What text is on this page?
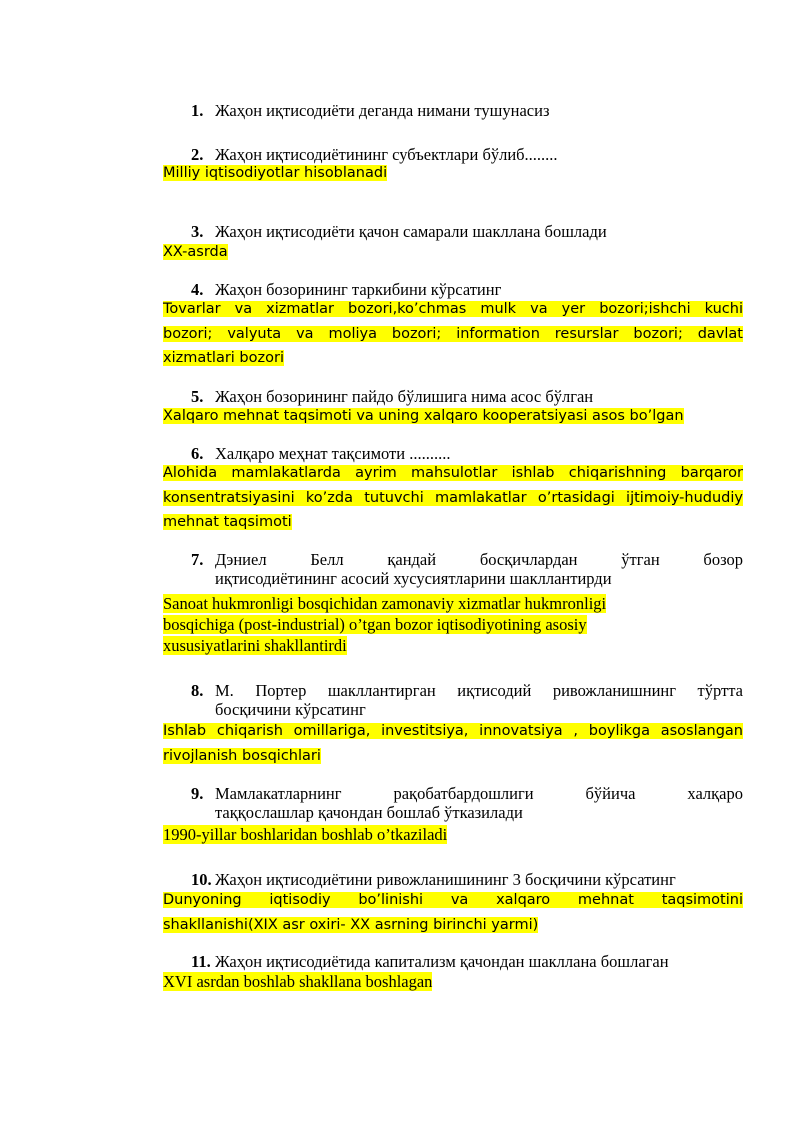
1. Жаҳон иқтисодиёти деганда нимани тушунасиз
2. Жаҳон иқтисодиётининг субъектлари бўлиб........
Milliy iqtisodiyotlar hisoblanadi
3. Жаҳон иқтисодиёти қачон самарали шакллана бошлади
XX-asrda
4. Жаҳон бозорининг таркибини кўрсатинг
Tovarlar va xizmatlar bozori,ko’chmas mulk va yer bozori;ishchi kuchi
bozori; valyuta va moliya bozori; information resurslar bozori; davlat
xizmatlari bozori
5. Жаҳон бозорининг пайдо бўлишига нима асос бўлган
Xalqaro mehnat taqsimoti va uning xalqaro kooperatsiyasi asos bo’lgan
6. Халқаро меҳнат тақсимоти ..........
Alohida mamlakatlarda ayrim mahsulotlar ishlab chiqarishning barqaror
konsentratsiyasini ko’zda tutuvchi mamlakatlar o’rtasidagi ijtimoiy-hududiy
mehnat taqsimoti
7. Дэниел Белл қандай босқичлардан ўтган бозор
иқтисодиётининг асосий хусусиятларини шакллантирди
Sanoat hukmronligi bosqichidan zamonaviy xizmatlar hukmronligi
bosqichiga (post-industrial) o’tgan bozor iqtisodiyotining asosiy
xususiyatlarini shakllantirdi
8. М. Портер шакллантирган иқтисодий ривожланишнинг тўртта
босқичини кўрсатинг
Ishlab chiqarish omillariga, investitsiya, innovatsiya , boylikga asoslangan
rivojlanish bosqichlari
9. Мамлакатларнинг рақобатбардошлиги бўйича халқаро
таққослашлар қачондан бошлаб ўтказилади
1990-yillar boshlaridan boshlab o’tkaziladi
10. Жаҳон иқтисодиётини ривожланишининг 3 босқичини кўрсатинг
Dunyoning iqtisodiy bo’linishi va xalqaro mehnat taqsimotini
shakllanishi(XIX asr oxiri- XX asrning birinchi yarmi)
11. Жаҳон иқтисодиётида капитализм қачондан шакллана бошлаган
XVI asrdan boshlab shakllana boshlagan
